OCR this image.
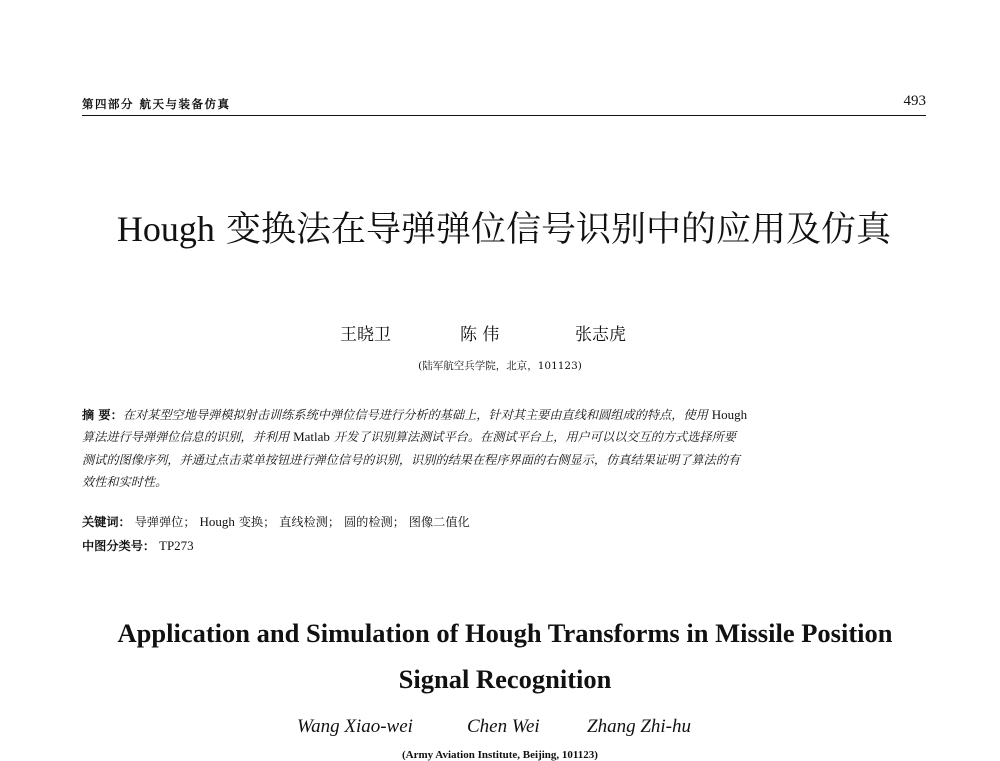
第四部分 航天与装备仿真	493
Hough 变换法在导弹弹位信号识别中的应用及仿真
王晓卫	陈 伟	张志虎
(陆军航空兵学院，北京，101123)
摘 要：在对某型空地导弹模拟射击训练系统中弹位信号进行分析的基础上，针对其主要由直线和圆组成的特点，使用 Hough
算法进行导弹弹位信息的识别，并利用 Matlab 开发了识别算法测试平台。在测试平台上，用户可以以交互的方式选择所要
测试的图像序列，并通过点击菜单按钮进行弹位信号的识别，识别的结果在程序界面的右侧显示，仿真结果证明了算法的有
效性和实时性。
关键词： 导弹弹位； Hough 变换； 直线检测； 圆的检测； 图像二值化
中图分类号： TP273
Application and Simulation of Hough Transforms in Missile Position
Signal Recognition
Wang Xiao-wei	Chen Wei Zhang Zhi-hu
(Army Aviation Institute, Beijing, 101123)
